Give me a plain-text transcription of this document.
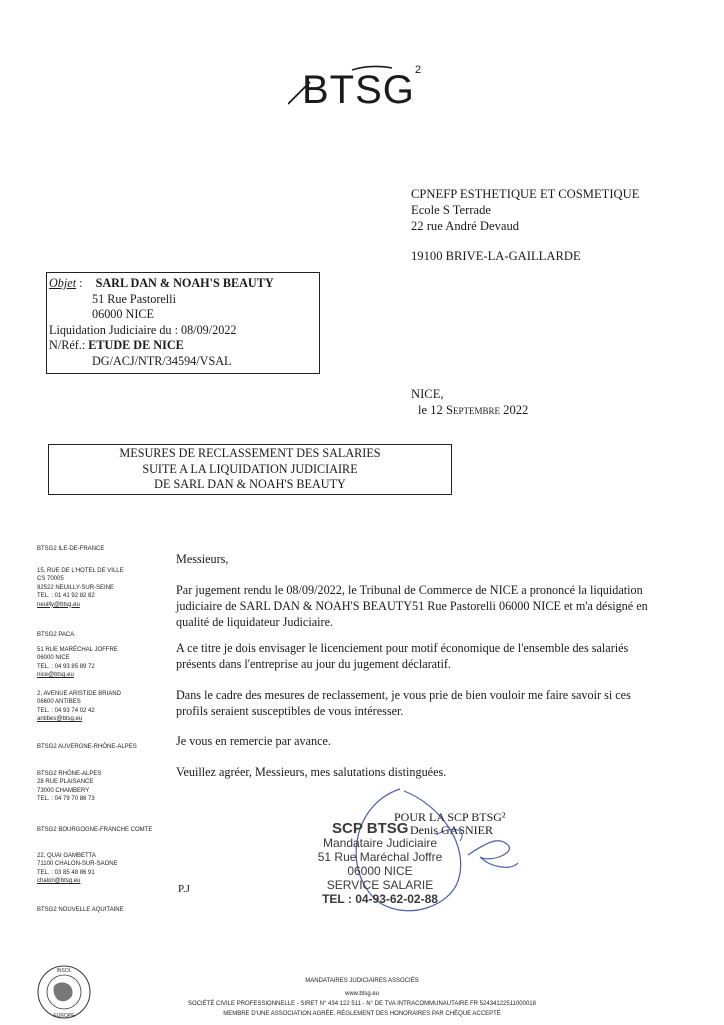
BTSG 2
CPNEFP ESTHETIQUE ET COSMETIQUE
Ecole S Terrade
22 rue André Devaud
19100 BRIVE-LA-GAILLARDE
Objet : SARL DAN & NOAH'S BEAUTY
51 Rue Pastorelli
06000 NICE
Liquidation Judiciaire du : 08/09/2022
N/Réf.: ETUDE DE NICE
DG/ACJ/NTR/34594/VSAL
NICE,
le 12 Septembre 2022
MESURES DE RECLASSEMENT DES SALARIES
SUITE A LA LIQUIDATION JUDICIAIRE
DE SARL DAN & NOAH'S BEAUTY
BTSG2 ILE-DE-FRANCE
15, RUE DE L'HOTEL DE VILLE
CS 70005
92522 NEUILLY-SUR-SEINE
TEL. : 01 41 92 82 82
neuilly@btsg.eu
BTSG2 PACA
51 RUE MARÉCHAL JOFFRE
06000 NICE
TEL. : 04 93 85 89 72
nice@btsg.eu
2, AVENUE ARISTIDE BRIAND
06600 ANTIBES
TEL. : 04 93 74 02 42
antibes@btsg.eu
BTSG2 AUVERGNE-RHÔNE-ALPES
BTSG2 RHÔNE-ALPES
28 RUE PLAISANCE
73000 CHAMBERY
TEL. : 04 79 70 86 73
BTSG2 BOURGOGNE-FRANCHE COMTE
22, QUAI GAMBETTA
71100 CHALON-SUR-SAONE
TEL. : 03 85 48 86 91
chalon@btsg.eu
BTSG2 NOUVELLE AQUITAINE
Messieurs,
Par jugement rendu le 08/09/2022, le Tribunal de Commerce de NICE a prononcé la liquidation judiciaire de SARL DAN & NOAH'S BEAUTY51 Rue Pastorelli 06000 NICE et m'a désigné en qualité de liquidateur Judiciaire.
A ce titre je dois envisager le licenciement pour motif économique de l'ensemble des salariés présents dans l'entreprise au jour du jugement déclaratif.
Dans le cadre des mesures de reclassement, je vous prie de bien vouloir me faire savoir si ces profils seraient susceptibles de vous intéresser.
Je vous en remercie par avance.
Veuillez agréer, Messieurs, mes salutations distinguées.
POUR LA SCP BTSG²
Denis GASNIER
SCP BTSG
Mandataire Judiciaire
51 Rue Maréchal Joffre
06000 NICE
SERVICE SALARIE
TEL : 04-93-62-02-88
P.J
INSOL
EUROPE
MANDATAIRES JUDICIAIRES ASSOCIÉS
www.btsg.eu
SOCIÉTÉ CIVILE PROFESSIONNELLE - SIRET N° 434 122 511 - N° DE TVA INTRACOMMUNAUTAIRE FR 52434122511000018
MEMBRE D'UNE ASSOCIATION AGRÉE. RÈGLEMENT DES HONORAIRES PAR CHÈQUE ACCEPTÉ
